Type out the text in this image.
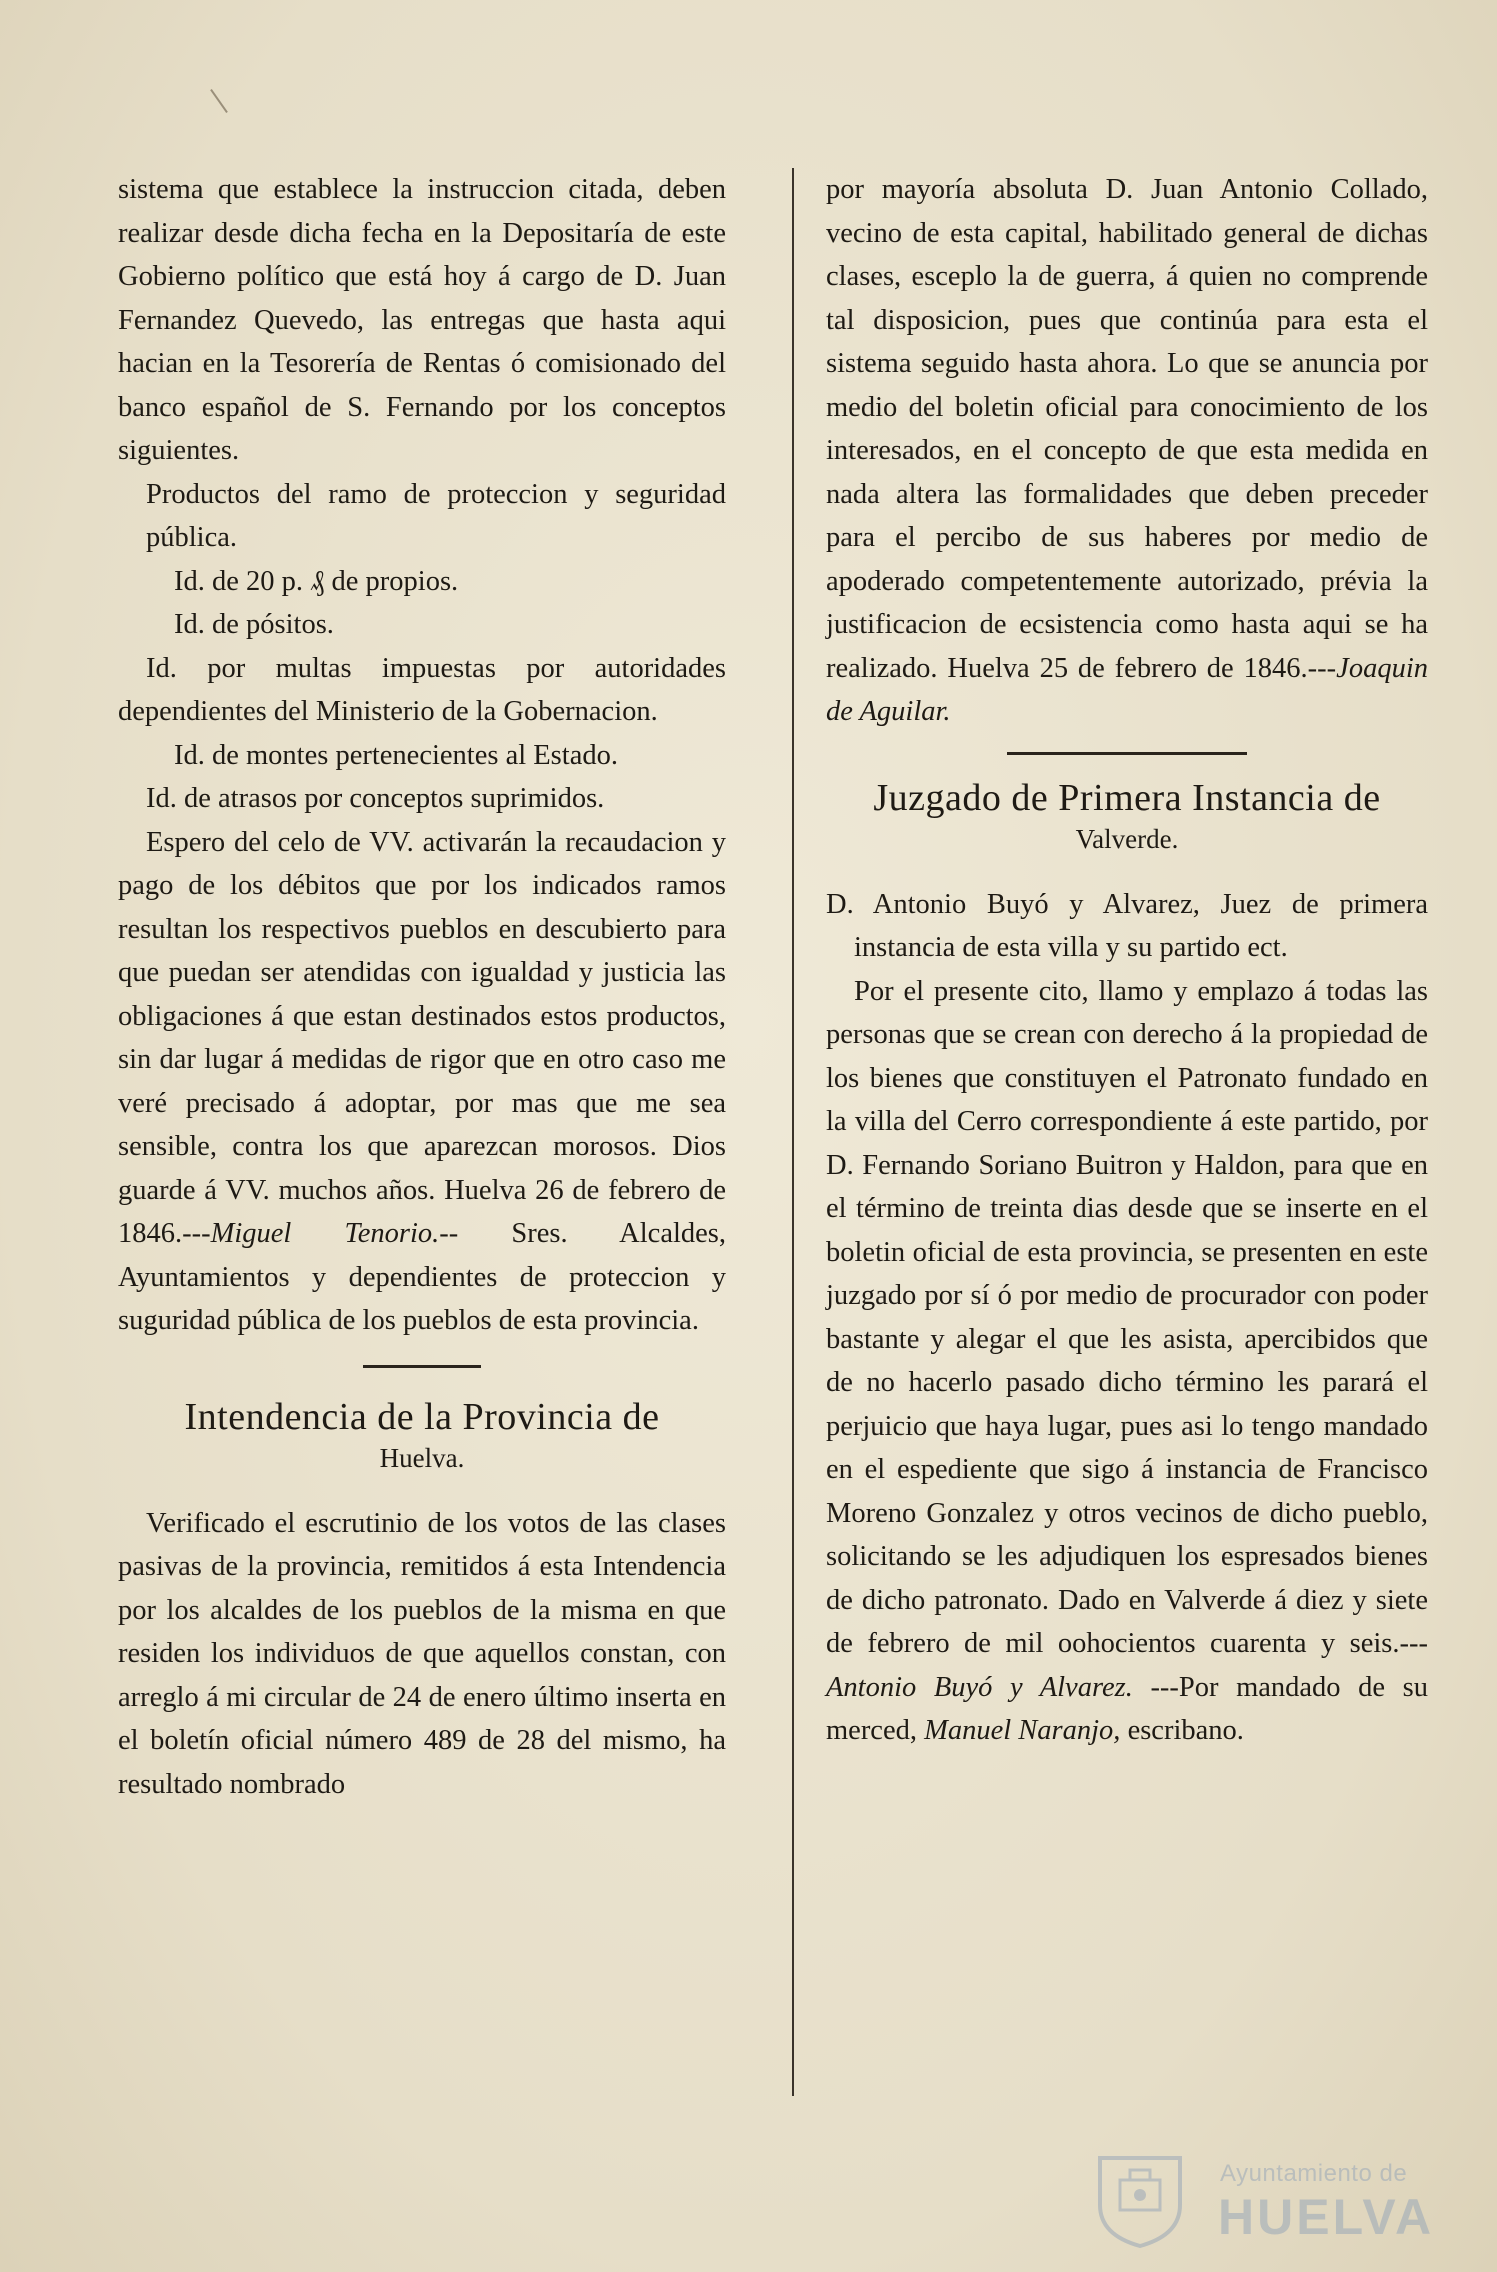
sistema que establece la instruccion citada, deben realizar desde dicha fecha en la Depositaría de este Gobierno político que está hoy á cargo de D. Juan Fernandez Quevedo, las entregas que hasta aqui hacian en la Tesorería de Rentas ó comisionado del banco español de S. Fernando por los conceptos siguientes.

Productos del ramo de proteccion y seguridad pública.

Id. de 20 p. ₰ de propios.

Id. de pósitos.

Id. por multas impuestas por autoridades dependientes del Ministerio de la Gobernacion.

Id. de montes pertenecientes al Estado.

Id. de atrasos por conceptos suprimidos.

Espero del celo de VV. activarán la recaudacion y pago de los débitos que por los indicados ramos resultan los respectivos pueblos en descubierto para que puedan ser atendidas con igualdad y justicia las obligaciones á que estan destinados estos productos, sin dar lugar á medidas de rigor que en otro caso me veré precisado á adoptar, por mas que me sea sensible, contra los que aparezcan morosos. Dios guarde á VV. muchos años. Huelva 26 de febrero de 1846.---Miguel Tenorio.-- Sres. Alcaldes, Ayuntamientos y dependientes de proteccion y suguridad pública de los pueblos de esta provincia.

Intendencia de la Provincia de
Huelva.

Verificado el escrutinio de los votos de las clases pasivas de la provincia, remitidos á esta Intendencia por los alcaldes de los pueblos de la misma en que residen los individuos de que aquellos constan, con arreglo á mi circular de 24 de enero último inserta en el boletín oficial número 489 de 28 del mismo, ha resultado nombrado

por mayoría absoluta D. Juan Antonio Collado, vecino de esta capital, habilitado general de dichas clases, esceplo la de guerra, á quien no comprende tal disposicion, pues que continúa para esta el sistema seguido hasta ahora. Lo que se anuncia por medio del boletin oficial para conocimiento de los interesados, en el concepto de que esta medida en nada altera las formalidades que deben preceder para el percibo de sus haberes por medio de apoderado competentemente autorizado, prévia la justificacion de ecsistencia como hasta aqui se ha realizado. Huelva 25 de febrero de 1846.---Joaquin de Aguilar.

Juzgado de Primera Instancia de
Valverde.

D. Antonio Buyó y Alvarez, Juez de primera instancia de esta villa y su partido ect.

Por el presente cito, llamo y emplazo á todas las personas que se crean con derecho á la propiedad de los bienes que constituyen el Patronato fundado en la villa del Cerro correspondiente á este partido, por D. Fernando Soriano Buitron y Haldon, para que en el término de treinta dias desde que se inserte en el boletin oficial de esta provincia, se presenten en este juzgado por sí ó por medio de procurador con poder bastante y alegar el que les asista, apercibidos que de no hacerlo pasado dicho término les parará el perjuicio que haya lugar, pues asi lo tengo mandado en el espediente que sigo á instancia de Francisco Moreno Gonzalez y otros vecinos de dicho pueblo, solicitando se les adjudiquen los espresados bienes de dicho patronato. Dado en Valverde á diez y siete de febrero de mil oohocientos cuarenta y seis.---Antonio Buyó y Alvarez. ---Por mandado de su merced, Manuel Naranjo, escribano.

Ayuntamiento de
HUELVA
